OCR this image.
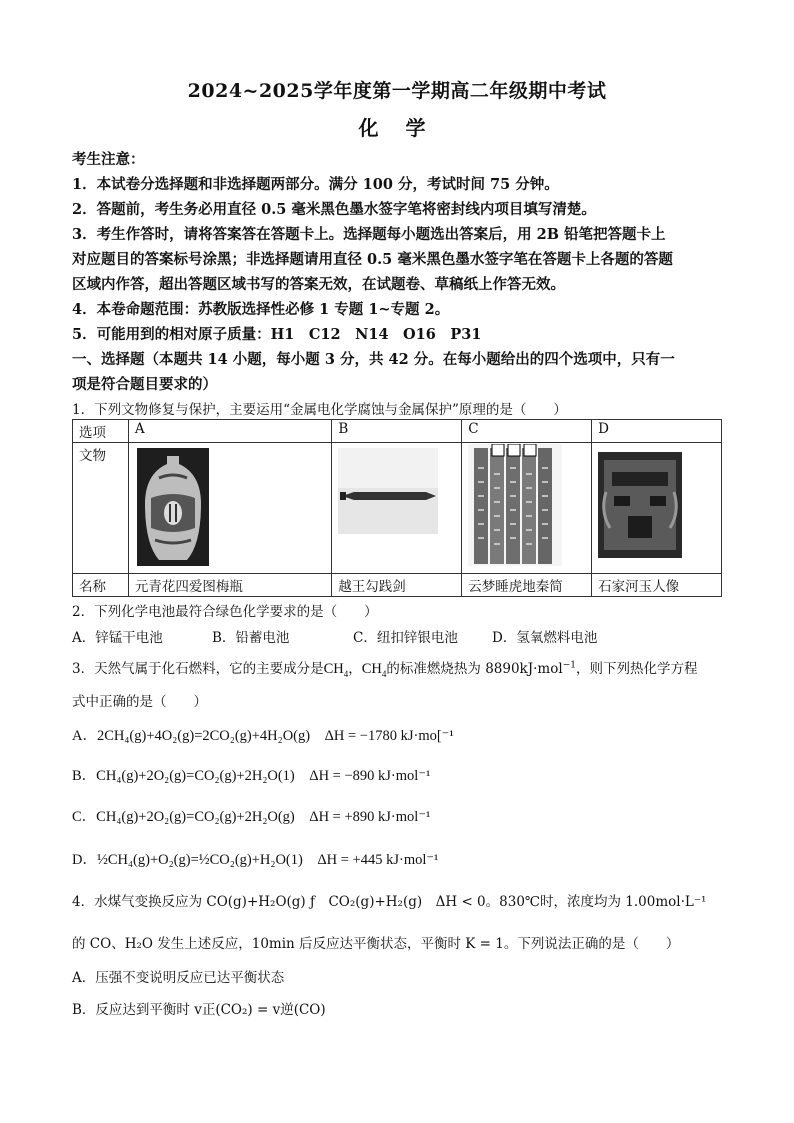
2024~2025学年度第一学期高二年级期中考试
化 学
考生注意：
1．本试卷分选择题和非选择题两部分。满分 100 分，考试时间 75 分钟。
2．答题前，考生务必用直径 0.5 毫米黑色墨水签字笔将密封线内项目填写清楚。
3．考生作答时，请将答案答在答题卡上。选择题每小题选出答案后，用 2B 铅笔把答题卡上
对应题目的答案标号涂黑；非选择题请用直径 0.5 毫米黑色墨水签字笔在答题卡上各题的答题
区域内作答，超出答题区域书写的答案无效，在试题卷、草稿纸上作答无效。
4．本卷命题范围：苏教版选择性必修 1 专题 1~专题 2。
5．可能用到的相对原子质量：H1　C12　N14　O16　P31
一、选择题（本题共 14 小题，每小题 3 分，共 42 分。在每小题给出的四个选项中，只有一
项是符合题目要求的）
1．下列文物修复与保护，主要运用“金属电化学腐蚀与金属保护”原理的是（　　）
选项	A	B	C	D
文物	

名称	元青花四爱图梅瓶	越王勾践剑	云梦睡虎地秦简	石家河玉人像
2．下列化学电池最符合绿色化学要求的是（　　）
A．锌锰干电池	B．铅蓄电池	C．纽扣锌银电池	D．氢氧燃料电池
3．天然气属于化石燃料，它的主要成分是$CH_4$，$CH_4$的标准燃烧热为 8890kJ·mol$^{-1}$，则下列热化学方程
式中正确的是（　　）
A．2CH₄(g)+4O₂(g)=2CO₂(g)+4H₂O(g)　 ΔH = −1780 kJ·mo[⁻¹
B．CH₄(g)+2O₂(g)=CO₂(g)+2H₂O(1)　 ΔH = −890 kJ·mol⁻¹
C．CH₄(g)+2O₂(g)=CO₂(g)+2H₂O(g)　 ΔH = +890 kJ·mol⁻¹
D．½CH₄(g)+O₂(g)=½CO₂(g)+H₂O(1)　 ΔH = +445 kJ·mol⁻¹
4．水煤气变换反应为 CO(g)+H₂O(g) ƒ　CO₂(g)+H₂(g)　ΔH < 0。830℃时，浓度均为 1.00mol·L⁻¹
的 CO、H₂O 发生上述反应，10min 后反应达平衡状态，平衡时 K = 1。下列说法正确的是（　　）
A．压强不变说明反应已达平衡状态
B．反应达到平衡时 v正(CO₂) = v逆(CO)
